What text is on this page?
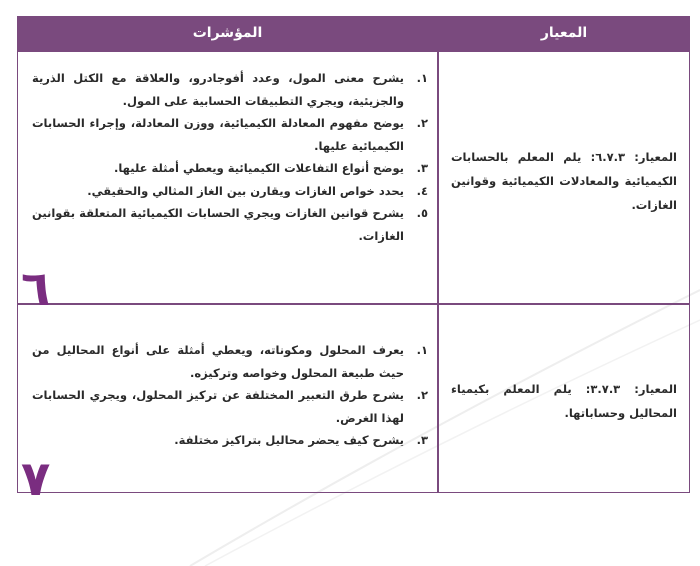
المؤشرات	المعيار
١.
يشرح معنى المول، وعدد أفوجادرو، والعلاقة مع الكتل الذرية والجزيئية، ويجري التطبيقات الحسابية على المول.
٢.
يوضح مفهوم المعادلة الكيميائية، ووزن المعادلة، وإجراء الحسابات الكيميائية عليها.
٣.
يوضح أنواع التفاعلات الكيميائية ويعطي أمثلة عليها.
٤.
يحدد خواص الغازات ويقارن بين الغاز المثالي والحقيقي.
٥.
يشرح قوانين الغازات ويجري الحسابات الكيميائية المتعلقة بقوانين الغازات.
المعيار: ٦.٧.٣: يلم المعلم بالحسابات الكيميائية والمعادلات الكيميائية وقوانين الغازات.
٦
١.
يعرف المحلول ومكوناته، ويعطي أمثلة على أنواع المحاليل من حيث طبيعة المحلول وخواصه وتركيزه.
٢.
يشرح طرق التعبير المختلفة عن تركيز المحلول، ويجري الحسابات لهذا الغرض.
٣.
يشرح كيف يحضر محاليل بتراكيز مختلفة.
المعيار: ٣.٧.٣: يلم المعلم بكيمياء المحاليل وحساباتها.
٧
